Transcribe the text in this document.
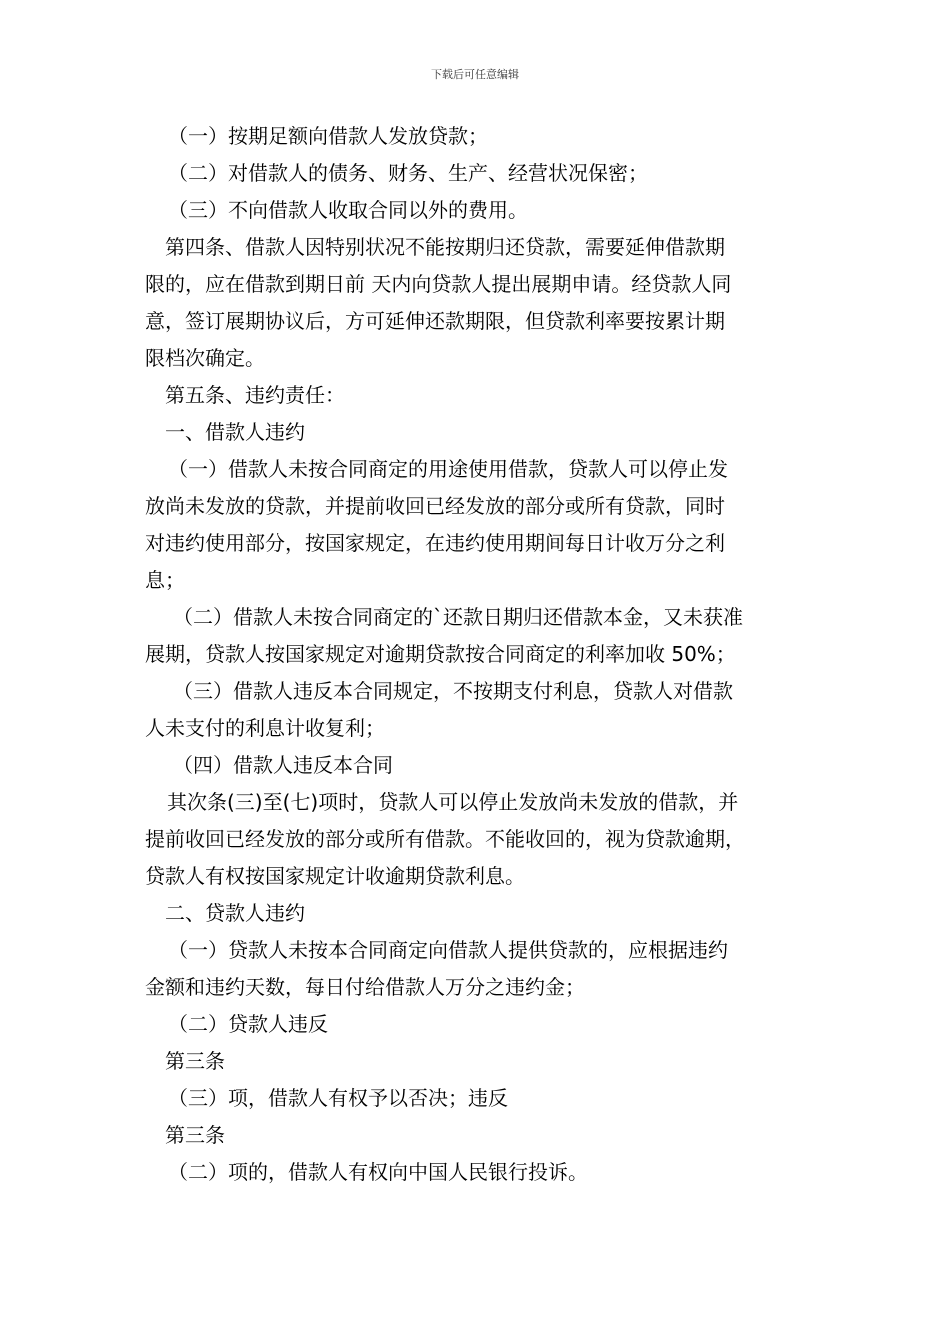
下载后可任意编辑
（一）按期足额向借款人发放贷款；
（二）对借款人的债务、财务、生产、经营状况保密；
（三）不向借款人收取合同以外的费用。
第四条、借款人因特别状况不能按期归还贷款，需要延伸借款期
限的，应在借款到期日前 天内向贷款人提出展期申请。经贷款人同
意，签订展期协议后，方可延伸还款期限，但贷款利率要按累计期
限档次确定。
第五条、违约责任：
一、借款人违约
（一）借款人未按合同商定的用途使用借款，贷款人可以停止发
放尚未发放的贷款，并提前收回已经发放的部分或所有贷款，同时
对违约使用部分，按国家规定，在违约使用期间每日计收万分之利
息；
（二）借款人未按合同商定的`还款日期归还借款本金，又未获准
展期，贷款人按国家规定对逾期贷款按合同商定的利率加收 50%；
（三）借款人违反本合同规定，不按期支付利息，贷款人对借款
人未支付的利息计收复利；
（四）借款人违反本合同
其次条(三)至(七)项时，贷款人可以停止发放尚未发放的借款，并
提前收回已经发放的部分或所有借款。不能收回的，视为贷款逾期，
贷款人有权按国家规定计收逾期贷款利息。
二、贷款人违约
（一）贷款人未按本合同商定向借款人提供贷款的，应根据违约
金额和违约天数，每日付给借款人万分之违约金；
（二）贷款人违反
第三条
（三）项，借款人有权予以否决；违反
第三条
（二）项的，借款人有权向中国人民银行投诉。
